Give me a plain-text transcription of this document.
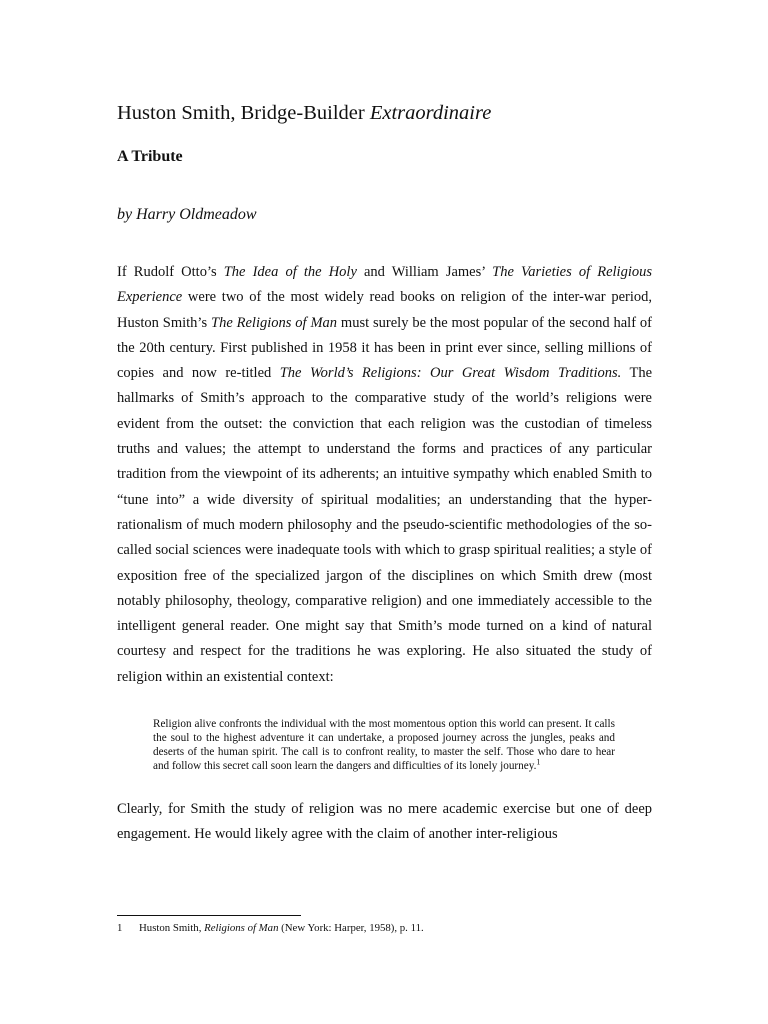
Huston Smith, Bridge-Builder Extraordinaire
A Tribute

by Harry Oldmeadow

If Rudolf Otto’s The Idea of the Holy and William James’ The Varieties of Religious Experience were two of the most widely read books on religion of the inter-war period, Huston Smith’s The Religions of Man must surely be the most popular of the second half of the 20th century. First published in 1958 it has been in print ever since, selling millions of copies and now re-titled The World’s Religions: Our Great Wisdom Traditions. The hallmarks of Smith’s approach to the comparative study of the world’s religions were evident from the outset: the conviction that each religion was the custodian of timeless truths and values; the attempt to understand the forms and practices of any particular tradition from the viewpoint of its adherents; an intuitive sympathy which enabled Smith to “tune into” a wide diversity of spiritual modalities; an understanding that the hyper-rationalism of much modern philosophy and the pseudo-scientific methodologies of the so-called social sciences were inadequate tools with which to grasp spiritual realities; a style of exposition free of the specialized jargon of the disciplines on which Smith drew (most notably philosophy, theology, comparative religion) and one immediately accessible to the intelligent general reader. One might say that Smith’s mode turned on a kind of natural courtesy and respect for the traditions he was exploring. He also situated the study of religion within an existential context:

Religion alive confronts the individual with the most momentous option this world can present. It calls the soul to the highest adventure it can undertake, a proposed journey across the jungles, peaks and deserts of the human spirit. The call is to confront reality, to master the self. Those who dare to hear and follow this secret call soon learn the dangers and difficulties of its lonely journey.$^1$

Clearly, for Smith the study of religion was no mere academic exercise but one of deep engagement. He would likely agree with the claim of another inter-religious

1 Huston Smith, Religions of Man (New York: Harper, 1958), p. 11.
